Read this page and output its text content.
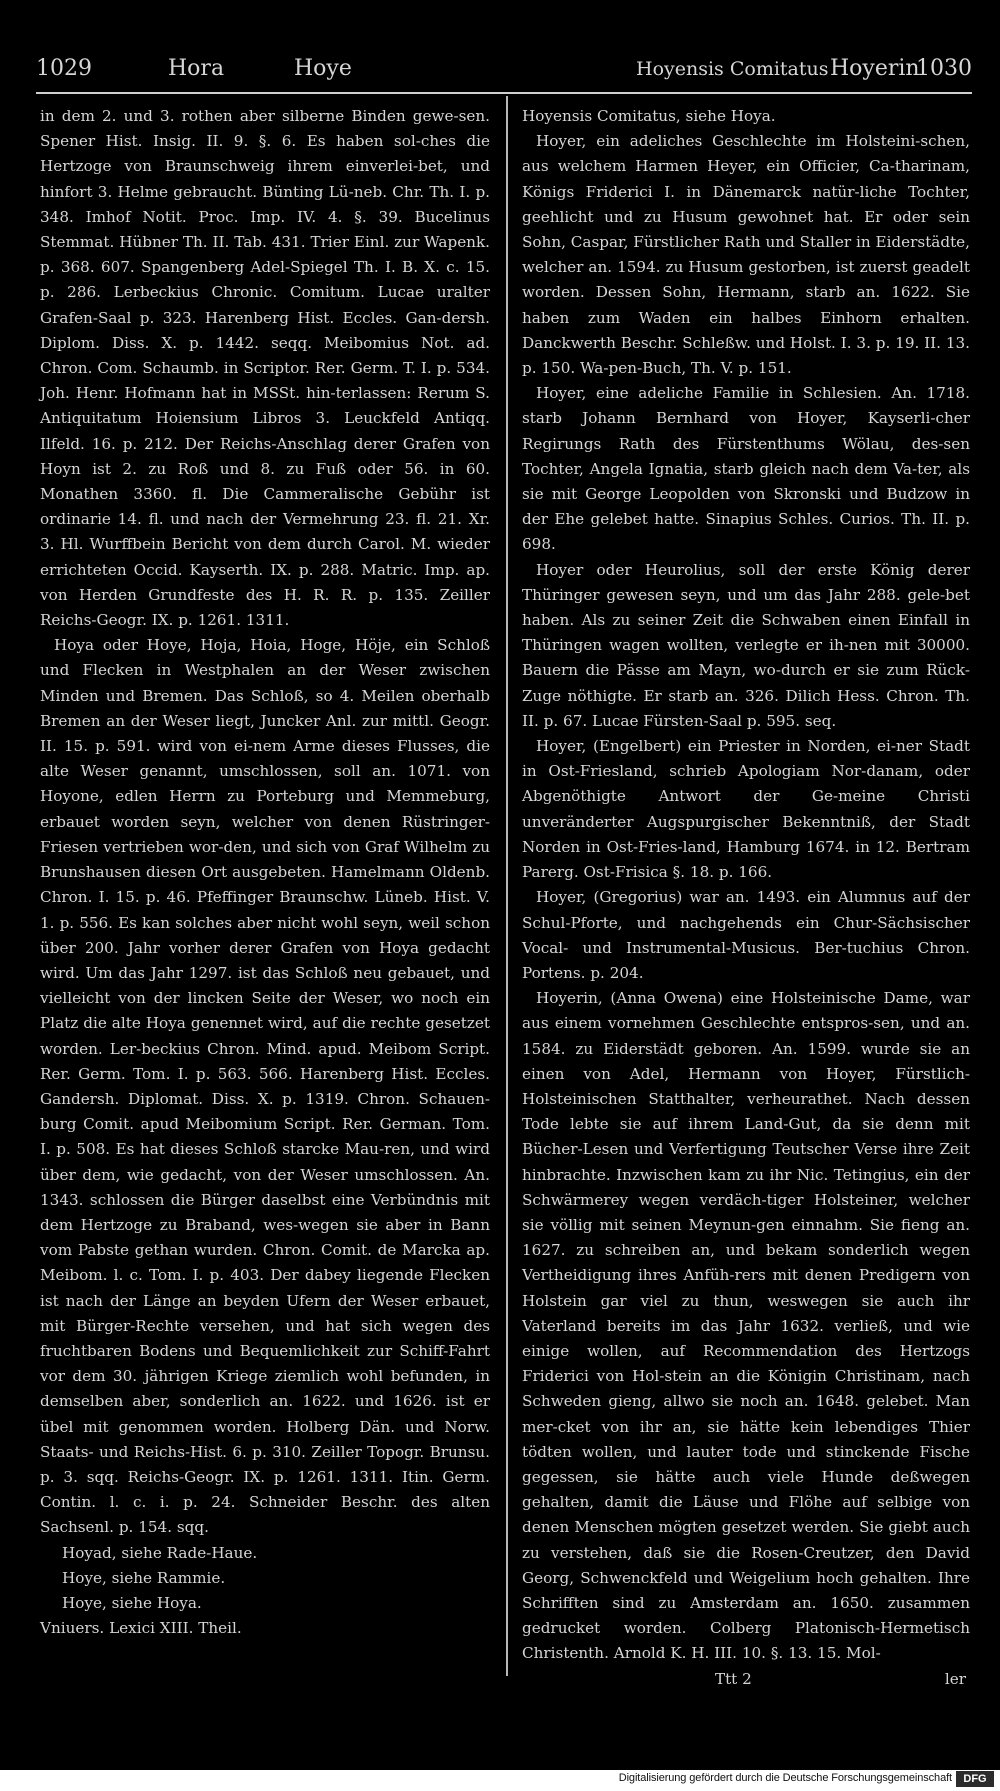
1029	Hora	Hoye	Hoyensis Comitatus Hoyerin
1030

in dem 2. und 3. rothen aber silberne Binden gewe-sen. Spener Hist. Insig. II. 9. §. 6. Es haben sol-ches die Hertzoge von Braunschweig ihrem einverlei-bet, und hinfort 3. Helme gebraucht. Bünting Lü-neb. Chr. Th. I. p. 348. Imhof Notit. Proc. Imp. IV. 4. §. 39. Bucelinus Stemmat. Hübner Th. II. Tab. 431. Trier Einl. zur Wapenk. p. 368. 607. Spangenberg Adel-Spiegel Th. I. B. X. c. 15. p. 286. Lerbeckius Chronic. Comitum. Lucae uralter Grafen-Saal p. 323. Harenberg Hist. Eccles. Gan-dersh. Diplom. Diss. X. p. 1442. seqq. Meibomius Not. ad. Chron. Com. Schaumb. in Scriptor. Rer. Germ. T. I. p. 534. Joh. Henr. Hofmann hat in MSSt. hin-terlassen: Rerum S. Antiquitatum Hoiensium Libros 3. Leuckfeld Antiqq. Ilfeld. 16. p. 212. Der Reichs-Anschlag derer Grafen von Hoyn ist 2. zu Roß und 8. zu Fuß oder 56. in 60. Monathen 3360. fl. Die Cammeralische Gebühr ist ordinarie 14. fl. und nach der Vermehrung 23. fl. 21. Xr. 3. Hl. Wurffbein Bericht von dem durch Carol. M. wieder errichteten Occid. Kayserth. IX. p. 288. Matric. Imp. ap. von Herden Grundfeste des H. R. R. p. 135. Zeiller Reichs-Geogr. IX. p. 1261. 1311.

Hoya oder Hoye, Hoja, Hoia, Hoge, Höje, ein Schloß und Flecken in Westphalen an der Weser zwischen Minden und Bremen. Das Schloß, so 4. Meilen oberhalb Bremen an der Weser liegt, Juncker Anl. zur mittl. Geogr. II. 15. p. 591. wird von ei-nem Arme dieses Flusses, die alte Weser genannt, umschlossen, soll an. 1071. von Hoyone, edlen Herrn zu Porteburg und Memmeburg, erbauet worden seyn, welcher von denen Rüstringer-Friesen vertrieben wor-den, und sich von Graf Wilhelm zu Brunshausen diesen Ort ausgebeten. Hamelmann Oldenb. Chron. I. 15. p. 46. Pfeffinger Braunschw. Lüneb. Hist. V. 1. p. 556. Es kan solches aber nicht wohl seyn, weil schon über 200. Jahr vorher derer Grafen von Hoya gedacht wird. Um das Jahr 1297. ist das Schloß neu gebauet, und vielleicht von der lincken Seite der Weser, wo noch ein Platz die alte Hoya genennet wird, auf die rechte gesetzet worden. Ler-beckius Chron. Mind. apud. Meibom Script. Rer. Germ. Tom. I. p. 563. 566. Harenberg Hist. Eccles. Gandersh. Diplomat. Diss. X. p. 1319. Chron. Schauen-burg Comit. apud Meibomium Script. Rer. German. Tom. I. p. 508. Es hat dieses Schloß starcke Mau-ren, und wird über dem, wie gedacht, von der Weser umschlossen. An. 1343. schlossen die Bürger daselbst eine Verbündnis mit dem Hertzoge zu Braband, wes-wegen sie aber in Bann vom Pabste gethan wurden. Chron. Comit. de Marcka ap. Meibom. l. c. Tom. I. p. 403. Der dabey liegende Flecken ist nach der Länge an beyden Ufern der Weser erbauet, mit Bürger-Rechte versehen, und hat sich wegen des fruchtbaren Bodens und Bequemlichkeit zur Schiff-Fahrt vor dem 30. jährigen Kriege ziemlich wohl befunden, in demselben aber, sonderlich an. 1622. und 1626. ist er übel mit genommen worden. Holberg Dän. und Norw. Staats- und Reichs-Hist. 6. p. 310. Zeiller Topogr. Brunsu. p. 3. sqq. Reichs-Geogr. IX. p. 1261. 1311. Itin. Germ. Contin. l. c. i. p. 24. Schneider Beschr. des alten Sachsenl. p. 154. sqq.

Hoyad, siehe Rade-Haue.

Hoye, siehe Rammie.

Hoye, siehe Hoya.

Vniuers. Lexici XIII. Theil.

Hoyensis Comitatus, siehe Hoya.

Hoyer, ein adeliches Geschlechte im Holsteini-schen, aus welchem Harmen Heyer, ein Officier, Ca-tharinam, Königs Friderici I. in Dänemarck natür-liche Tochter, geehlicht und zu Husum gewohnet hat. Er oder sein Sohn, Caspar, Fürstlicher Rath und Staller in Eiderstädte, welcher an. 1594. zu Husum gestorben, ist zuerst geadelt worden. Dessen Sohn, Hermann, starb an. 1622. Sie haben zum Waden ein halbes Einhorn erhalten. Danckwerth Beschr. Schleßw. und Holst. I. 3. p. 19. II. 13. p. 150. Wa-pen-Buch, Th. V. p. 151.

Hoyer, eine adeliche Familie in Schlesien. An. 1718. starb Johann Bernhard von Hoyer, Kayserli-cher Regirungs Rath des Fürstenthums Wölau, des-sen Tochter, Angela Ignatia, starb gleich nach dem Va-ter, als sie mit George Leopolden von Skronski und Budzow in der Ehe gelebet hatte. Sinapius Schles. Curios. Th. II. p. 698.

Hoyer oder Heurolius, soll der erste König derer Thüringer gewesen seyn, und um das Jahr 288. gele-bet haben. Als zu seiner Zeit die Schwaben einen Einfall in Thüringen wagen wollten, verlegte er ih-nen mit 30000. Bauern die Pässe am Mayn, wo-durch er sie zum Rück-Zuge nöthigte. Er starb an. 326. Dilich Hess. Chron. Th. II. p. 67. Lucae Fürsten-Saal p. 595. seq.

Hoyer, (Engelbert) ein Priester in Norden, ei-ner Stadt in Ost-Friesland, schrieb Apologiam Nor-danam, oder Abgenöthigte Antwort der Ge-meine Christi unveränderter Augspurgischer Bekenntniß, der Stadt Norden in Ost-Fries-land, Hamburg 1674. in 12. Bertram Parerg. Ost-Frisica §. 18. p. 166.

Hoyer, (Gregorius) war an. 1493. ein Alumnus auf der Schul-Pforte, und nachgehends ein Chur-Sächsischer Vocal- und Instrumental-Musicus. Ber-tuchius Chron. Portens. p. 204.

Hoyerin, (Anna Owena) eine Holsteinische Dame, war aus einem vornehmen Geschlechte entspros-sen, und an. 1584. zu Eiderstädt geboren. An. 1599. wurde sie an einen von Adel, Hermann von Hoyer, Fürstlich-Holsteinischen Statthalter, verheurathet. Nach dessen Tode lebte sie auf ihrem Land-Gut, da sie denn mit Bücher-Lesen und Verfertigung Teutscher Verse ihre Zeit hinbrachte. Inzwischen kam zu ihr Nic. Tetingius, ein der Schwärmerey wegen verdäch-tiger Holsteiner, welcher sie völlig mit seinen Meynun-gen einnahm. Sie fieng an. 1627. zu schreiben an, und bekam sonderlich wegen Vertheidigung ihres Anfüh-rers mit denen Predigern von Holstein gar viel zu thun, weswegen sie auch ihr Vaterland bereits im das Jahr 1632. verließ, und wie einige wollen, auf Recommendation des Hertzogs Friderici von Hol-stein an die Königin Christinam, nach Schweden gieng, allwo sie noch an. 1648. gelebet. Man mer-cket von ihr an, sie hätte kein lebendiges Thier tödten wollen, und lauter tode und stinckende Fische gegessen, sie hätte auch viele Hunde deßwegen gehalten, damit die Läuse und Flöhe auf selbige von denen Menschen mögten gesetzet werden. Sie giebt auch zu verstehen, daß sie die Rosen-Creutzer, den David Georg, Schwenckfeld und Weigelium hoch gehalten. Ihre Schrifften sind zu Amsterdam an. 1650. zusammen gedrucket worden. Colberg Platonisch-Hermetisch Christenth. Arnold K. H. III. 10. §. 13. 15. Mol-

Ttt 2	ler
Digitalisierung gefördert durch die Deutsche Forschungsgemeinschaft	DFG
